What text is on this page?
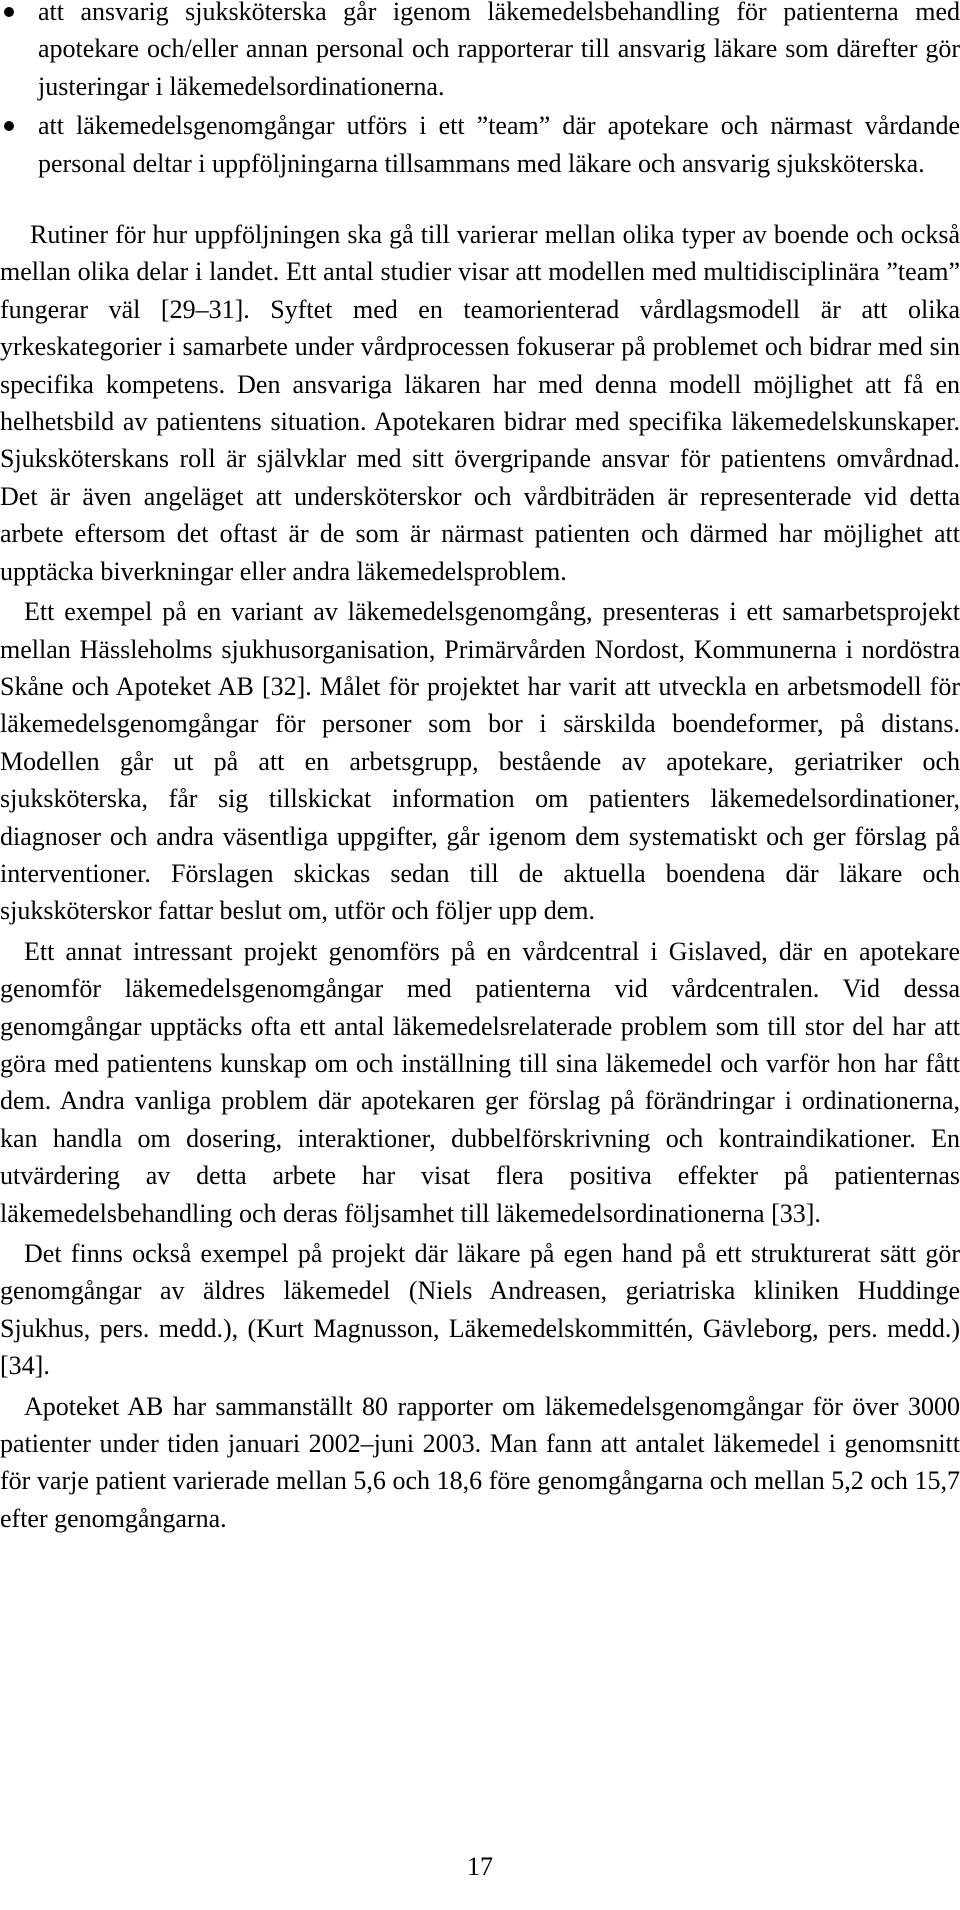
att ansvarig sjuksköterska går igenom läkemedelsbehandling för patienterna med apotekare och/eller annan personal och rapporterar till ansvarig läkare som därefter gör justeringar i läkemedelsordinationerna.
att läkemedelsgenomgångar utförs i ett ”team” där apotekare och närmast vårdande personal deltar i uppföljningarna tillsammans med läkare och ansvarig sjuksköterska.

Rutiner för hur uppföljningen ska gå till varierar mellan olika typer av boende och också mellan olika delar i landet. Ett antal studier visar att modellen med multidisciplinära ”team” fungerar väl [29–31]. Syftet med en teamorienterad vårdlagsmodell är att olika yrkeskategorier i samarbete under vårdprocessen fokuserar på problemet och bidrar med sin specifika kompetens. Den ansvariga läkaren har med denna modell möjlighet att få en helhetsbild av patientens situation. Apotekaren bidrar med specifika läkemedelskunskaper. Sjuksköterskans roll är självklar med sitt övergripande ansvar för patientens omvårdnad. Det är även angeläget att undersköterskor och vårdbiträden är representerade vid detta arbete eftersom det oftast är de som är närmast patienten och därmed har möjlighet att upptäcka biverkningar eller andra läkemedelsproblem.

Ett exempel på en variant av läkemedelsgenomgång, presenteras i ett samarbetsprojekt mellan Hässleholms sjukhusorganisation, Primärvården Nordost, Kommunerna i nordöstra Skåne och Apoteket AB [32]. Målet för projektet har varit att utveckla en arbetsmodell för läkemedelsgenomgångar för personer som bor i särskilda boendeformer, på distans. Modellen går ut på att en arbetsgrupp, bestående av apotekare, geriatriker och sjuksköterska, får sig tillskickat information om patienters läkemedelsordinationer, diagnoser och andra väsentliga uppgifter, går igenom dem systematiskt och ger förslag på interventioner. Förslagen skickas sedan till de aktuella boendena där läkare och sjuksköterskor fattar beslut om, utför och följer upp dem.

Ett annat intressant projekt genomförs på en vårdcentral i Gislaved, där en apotekare genomför läkemedelsgenomgångar med patienterna vid vårdcentralen. Vid dessa genomgångar upptäcks ofta ett antal läkemedelsrelaterade problem som till stor del har att göra med patientens kunskap om och inställning till sina läkemedel och varför hon har fått dem. Andra vanliga problem där apotekaren ger förslag på förändringar i ordinationerna, kan handla om dosering, interaktioner, dubbelförskrivning och kontraindikationer. En utvärdering av detta arbete har visat flera positiva effekter på patienternas läkemedelsbehandling och deras följsamhet till läkemedelsordinationerna [33].

Det finns också exempel på projekt där läkare på egen hand på ett strukturerat sätt gör genomgångar av äldres läkemedel (Niels Andreasen, geriatriska kliniken Huddinge Sjukhus, pers. medd.), (Kurt Magnusson, Läkemedelskommittén, Gävleborg, pers. medd.) [34].

Apoteket AB har sammanställt 80 rapporter om läkemedelsgenomgångar för över 3000 patienter under tiden januari 2002–juni 2003. Man fann att antalet läkemedel i genomsnitt för varje patient varierade mellan 5,6 och 18,6 före genomgångarna och mellan 5,2 och 15,7 efter genomgångarna.

17
